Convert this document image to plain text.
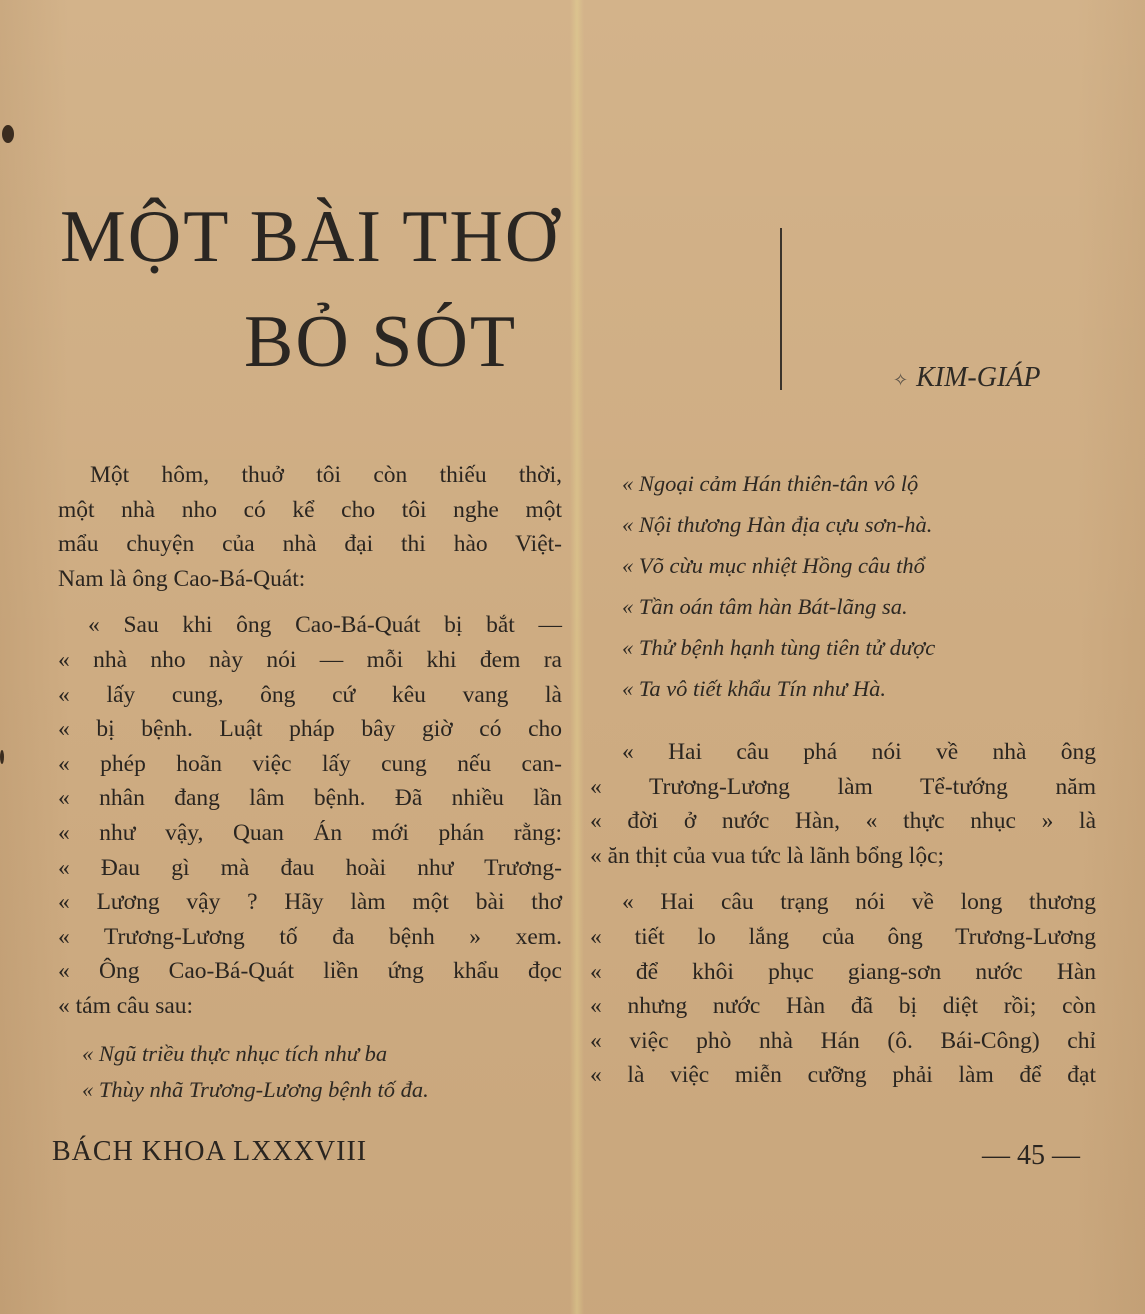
MỘT BÀI THƠ
BỎ SÓT	✧ KIM-GIÁP
Một hôm, thuở tôi còn thiếu thời,
một nhà nho có kể cho tôi nghe một
mẩu chuyện của nhà đại thi hào Việt-
Nam là ông Cao-Bá-Quát:
« Sau khi ông Cao-Bá-Quát bị bắt —
« nhà nho này nói — mỗi khi đem ra
« lấy cung, ông cứ kêu vang là
« bị bệnh. Luật pháp bây giờ có cho
« phép hoãn việc lấy cung nếu can-
« nhân đang lâm bệnh. Đã nhiều lần
« như vậy, Quan Án mới phán rằng:
« Đau gì mà đau hoài như Trương-
« Lương vậy ? Hãy làm một bài thơ
« Trương-Lương tố đa bệnh » xem.
« Ông Cao-Bá-Quát liền ứng khẩu đọc
« tám câu sau:
« Ngũ triều thực nhục tích như ba
« Thùy nhã Trương-Lương bệnh tố đa.
« Ngoại cảm Hán thiên-tân vô lộ
« Nội thương Hàn địa cựu sơn-hà.
« Võ cừu mục nhiệt Hồng câu thổ
« Tần oán tâm hàn Bát-lãng sa.
« Thử bệnh hạnh tùng tiên tử dược
« Ta vô tiết khẩu Tín như Hà.
« Hai câu phá nói về nhà ông
« Trương-Lương làm Tể-tướng năm
« đời ở nước Hàn, « thực nhục » là
« ăn thịt của vua tức là lãnh bổng lộc;
« Hai câu trạng nói về long thương
« tiết lo lắng của ông Trương-Lương
« để khôi phục giang-sơn nước Hàn
« nhưng nước Hàn đã bị diệt rồi; còn
« việc phò nhà Hán (ô. Bái-Công) chỉ
« là việc miễn cưỡng phải làm để đạt
BÁCH KHOA LXXXVIII	— 45 —
